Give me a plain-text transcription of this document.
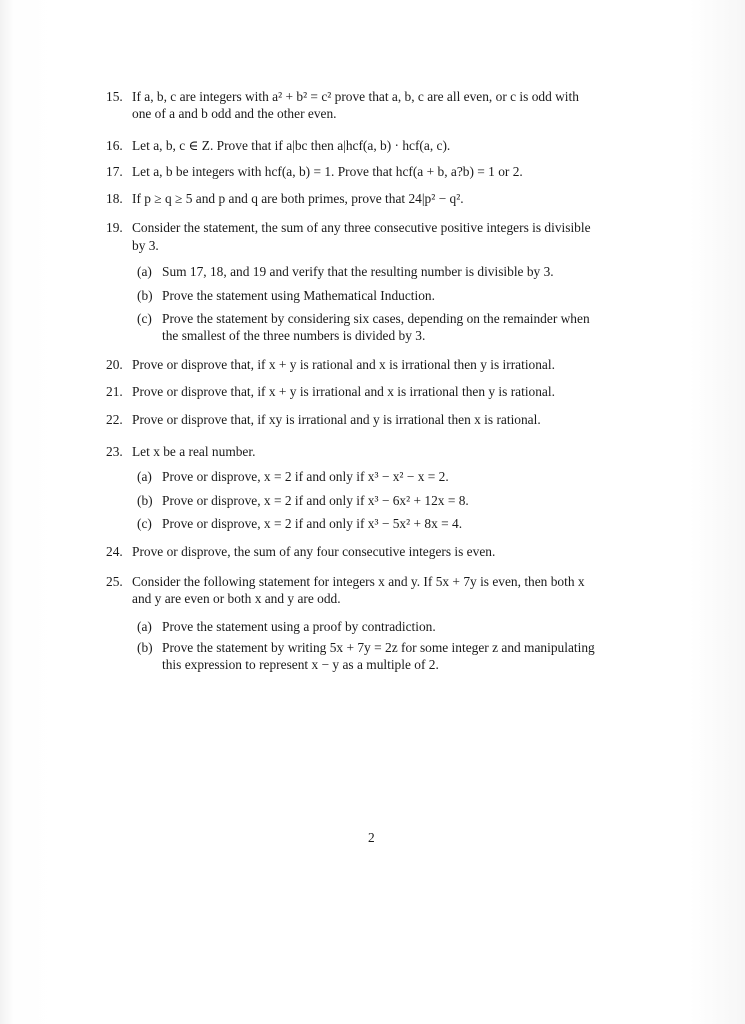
15. If a, b, c are integers with a² + b² = c² prove that a, b, c are all even, or c is odd with
one of a and b odd and the other even.
16. Let a, b, c ∈ Z. Prove that if a|bc then a|hcf(a, b) · hcf(a, c).
17. Let a, b be integers with hcf(a, b) = 1. Prove that hcf(a + b, a?b) = 1 or 2.
18. If p ≥ q ≥ 5 and p and q are both primes, prove that 24|p² − q².
19. Consider the statement, the sum of any three consecutive positive integers is divisible
by 3.
(a) Sum 17, 18, and 19 and verify that the resulting number is divisible by 3.
(b) Prove the statement using Mathematical Induction.
(c) Prove the statement by considering six cases, depending on the remainder when
the smallest of the three numbers is divided by 3.
20. Prove or disprove that, if x + y is rational and x is irrational then y is irrational.
21. Prove or disprove that, if x + y is irrational and x is irrational then y is rational.
22. Prove or disprove that, if xy is irrational and y is irrational then x is rational.
23. Let x be a real number.
(a) Prove or disprove, x = 2 if and only if x³ − x² − x = 2.
(b) Prove or disprove, x = 2 if and only if x³ − 6x² + 12x = 8.
(c) Prove or disprove, x = 2 if and only if x³ − 5x² + 8x = 4.
24. Prove or disprove, the sum of any four consecutive integers is even.
25. Consider the following statement for integers x and y. If 5x + 7y is even, then both x
and y are even or both x and y are odd.
(a) Prove the statement using a proof by contradiction.
(b) Prove the statement by writing 5x + 7y = 2z for some integer z and manipulating
this expression to represent x − y as a multiple of 2.
2
